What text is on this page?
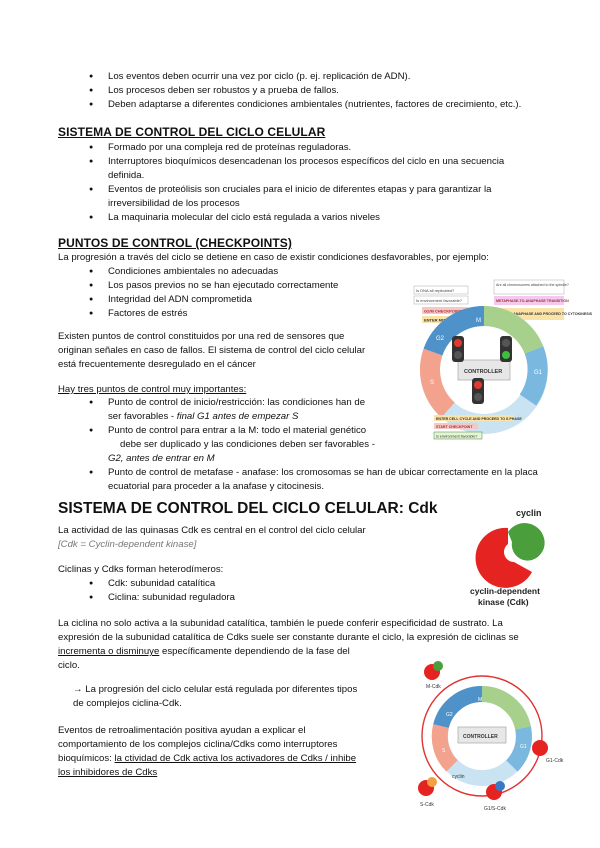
● Los eventos deben ocurrir una vez por ciclo (p. ej. replicación de ADN).
● Los procesos deben ser robustos y a prueba de fallos.
● Deben adaptarse a diferentes condiciones ambientales (nutrientes, factores de crecimiento, etc.).
SISTEMA DE CONTROL DEL CICLO CELULAR
● Formado por una compleja red de proteínas reguladoras.
● Interruptores bioquímicos desencadenan los procesos específicos del ciclo en una secuencia definida.
● Eventos de proteólisis son cruciales para el inicio de diferentes etapas y para garantizar la irreversibilidad de los procesos
● La maquinaria molecular del ciclo está regulada a varios niveles
PUNTOS DE CONTROL (CHECKPOINTS)
La progresión a través del ciclo se detiene en caso de existir condiciones desfavorables, por ejemplo:
● Condiciones ambientales no adecuadas
● Los pasos previos no se han ejecutado correctamente
● Integridad del ADN comprometida
● Factores de estrés
Existen puntos de control constituidos por una red de sensores que
originan señales en caso de fallos. El sistema de control del ciclo celular
está frecuentemente desregulado en el cáncer
Hay tres puntos de control muy importantes:
● Punto de control de inicio/restricción: las condiciones han de
ser favorables - final G1 antes de empezar S
● Punto de control para entrar a la M: todo el material genético
debe ser duplicado y las condiciones deben ser favorables -
G2, antes de entrar en M
● Punto de control de metafase - anafase: los cromosomas se han de ubicar correctamente en la placa ecuatorial para proceder a la anafase y citocinesis.
Is DNA all replicated?
Is environment favorable?
G2/M CHECKPOINT
ENTER MITOSIS
Are all chromosomes attached to the spindle?
METAPHASE-TO-ANAPHASE TRANSITION
TRIGGER ANAPHASE AND PROCEED TO CYTOKINESIS
CONTROLLER
M
G1
S
G2
ENTER CELL CYCLE AND PROCEED TO S PHASE
START CHECKPOINT
Is environment favorable?
SISTEMA DE CONTROL DEL CICLO CELULAR: Cdk
La actividad de las quinasas Cdk es central en el control del ciclo celular
[Cdk = Cyclin-dependent kinase]
Ciclinas y Cdks forman heterodímeros:
● Cdk: subunidad catalítica
● Ciclina: subunidad reguladora
cyclin
cyclin-dependent
kinase (Cdk)
La ciclina no solo activa a la subunidad catalítica, también le puede conferir especificidad de sustrato. La
expresión de la subunidad catalítica de Cdks suele ser constante durante el ciclo, la expresión de ciclinas se
incrementa o disminuye específicamente dependiendo de la fase del
ciclo.
→ La progresión del ciclo celular está regulada por diferentes tipos
de complejos ciclina-Cdk.
Eventos de retroalimentación positiva ayudan a explicar el
comportamiento de los complejos ciclina/Cdks como interruptores
bioquímicos: la ctividad de Cdk activa los activadores de Cdks / inhibe
los inhibidores de Cdks
CONTROLLER
M
G1
S
G2
M-Cdk
G1-Cdk
S-Cdk
G1/S-Cdk
cyclin
